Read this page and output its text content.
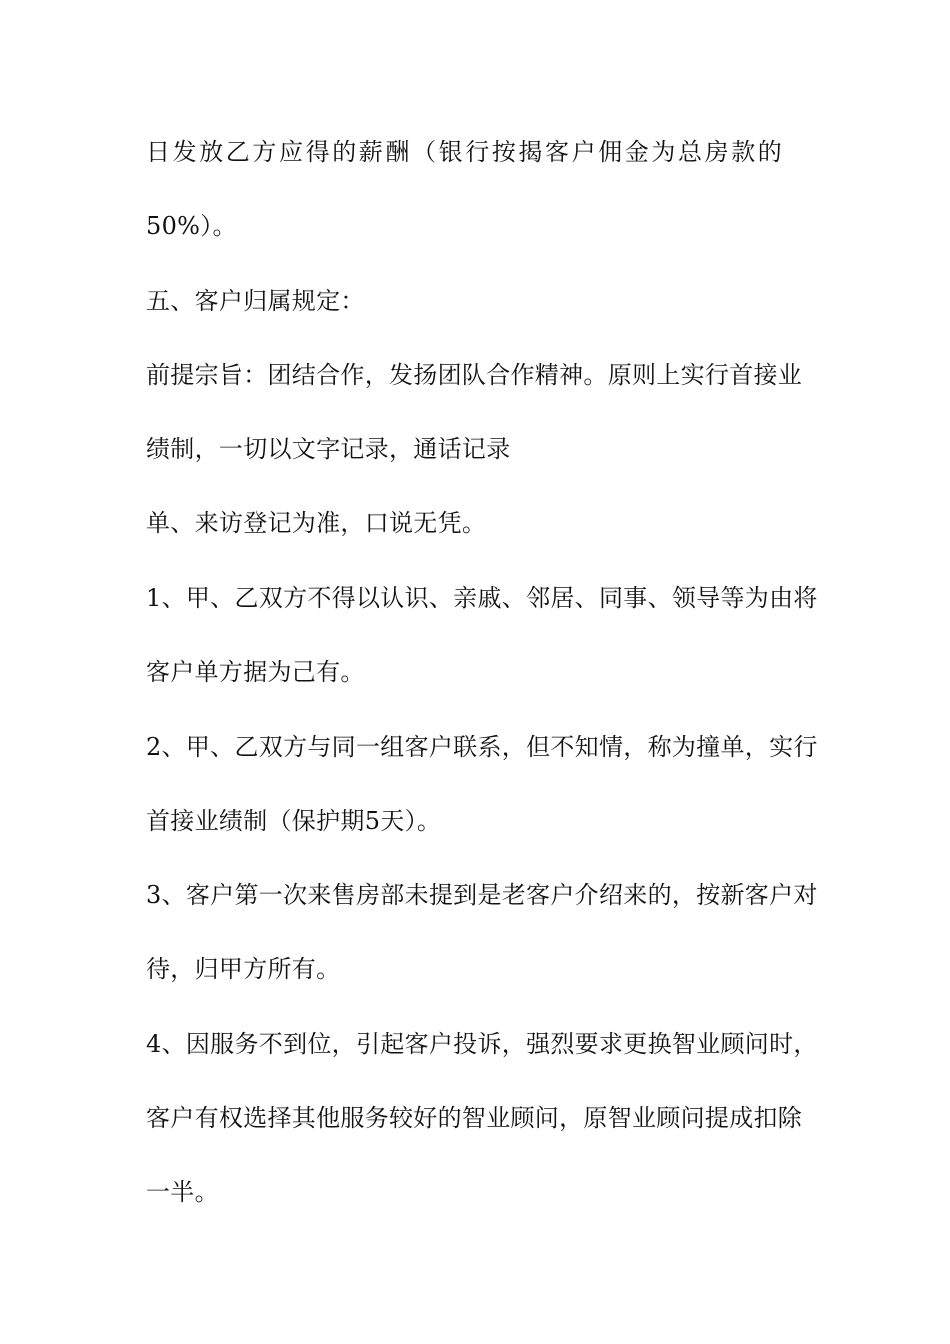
日发放乙方应得的薪酬（银行按揭客户佣金为总房款的
50%）。
五、客户归属规定：
前提宗旨：团结合作，发扬团队合作精神。原则上实行首接业
绩制，一切以文字记录，通话记录
单、来访登记为准，口说无凭。
1、甲、乙双方不得以认识、亲戚、邻居、同事、领导等为由将
客户单方据为己有。
2、甲、乙双方与同一组客户联系，但不知情，称为撞单，实行
首接业绩制（保护期5天）。
3、客户第一次来售房部未提到是老客户介绍来的，按新客户对
待，归甲方所有。
4、因服务不到位，引起客户投诉，强烈要求更换智业顾问时，
客户有权选择其他服务较好的智业顾问，原智业顾问提成扣除
一半。
